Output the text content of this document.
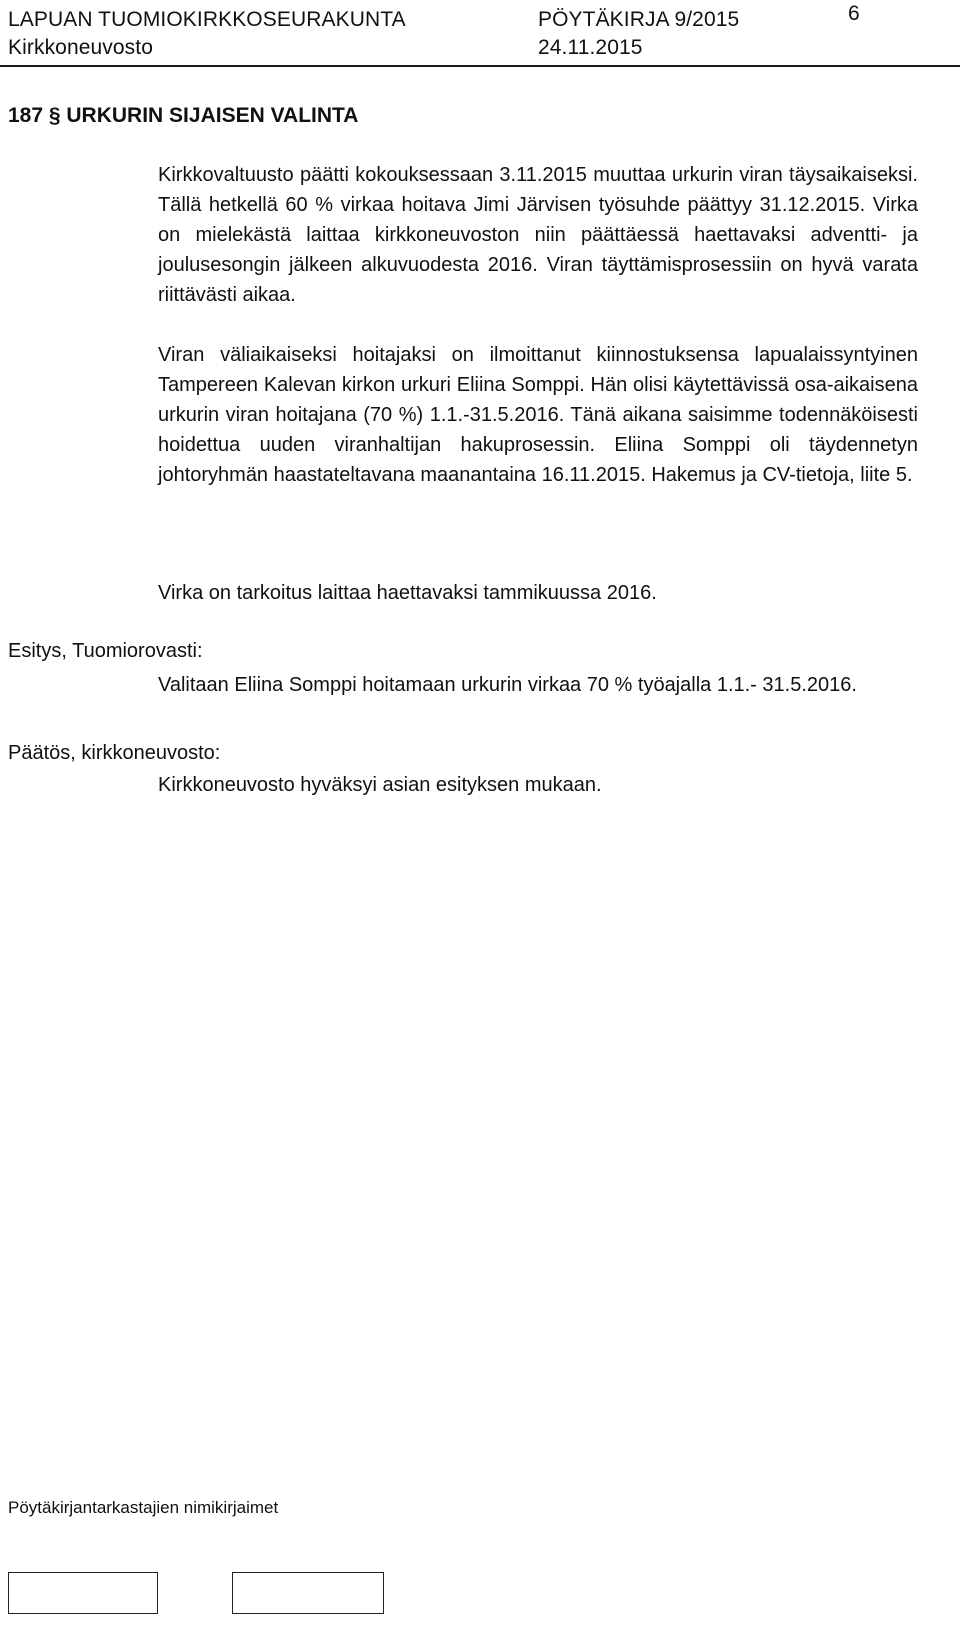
LAPUAN TUOMIOKIRKKOSEURAKUNTA	PÖYTÄKIRJA 9/2015	6
Kirkkoneuvosto	24.11.2015
187 § URKURIN SIJAISEN VALINTA

Kirkkovaltuusto päätti kokouksessaan 3.11.2015 muuttaa urkurin viran täysaikaiseksi. Tällä hetkellä 60 % virkaa hoitava Jimi Järvisen työsuhde päättyy 31.12.2015. Virka on mielekästä laittaa kirkkoneuvoston niin päättäessä haettavaksi adventti- ja joulusesongin jälkeen alkuvuodesta 2016. Viran täyttämisprosessiin on hyvä varata riittävästi aikaa.

Viran väliaikaiseksi hoitajaksi on ilmoittanut kiinnostuksensa lapualaissyntyinen Tampereen Kalevan kirkon urkuri Eliina Somppi. Hän olisi käytettävissä osa-aikaisena urkurin viran hoitajana (70 %) 1.1.-31.5.2016. Tänä aikana saisimme todennäköisesti hoidettua uuden viranhaltijan hakuprosessin. Eliina Somppi oli täydennetyn johtoryhmän haastateltavana maanantaina 16.11.2015. Hakemus ja CV-tietoja, liite 5.

Virka on tarkoitus laittaa haettavaksi tammikuussa 2016.

Esitys, Tuomiorovasti:

Valitaan Eliina Somppi hoitamaan urkurin virkaa 70 % työajalla 1.1.- 31.5.2016.

Päätös, kirkkoneuvosto:

Kirkkoneuvosto hyväksyi asian esityksen mukaan.

Pöytäkirjantarkastajien nimikirjaimet
